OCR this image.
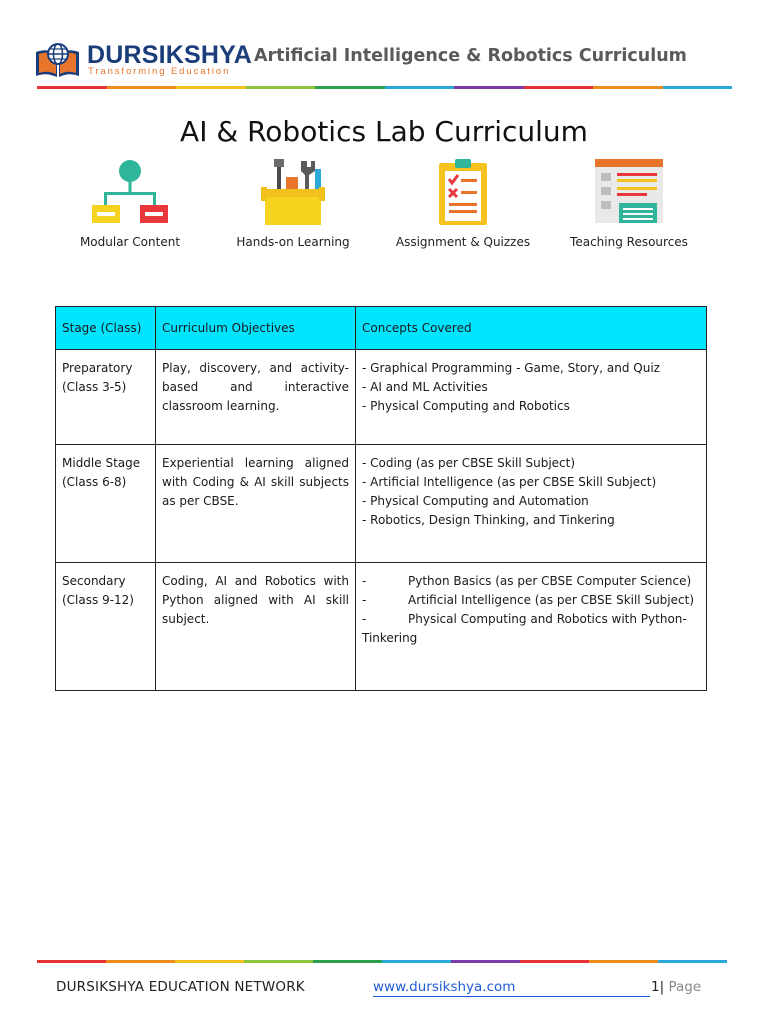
DURSIKSHYA
Transforming Education
Artificial Intelligence & Robotics Curriculum
AI & Robotics Lab Curriculum
Modular Content	Hands-on Learning	Assignment & Quizzes	Teaching Resources
Stage (Class)	Curriculum Objectives	Concepts Covered
Preparatory (Class 3-5)	Play, discovery, and activity-based and interactive classroom learning.	- Graphical Programming - Game, Story, and Quiz
- AI and ML Activities
- Physical Computing and Robotics

Middle Stage (Class 6-8)	Experiential learning aligned with Coding & AI skill subjects as per CBSE.	- Coding (as per CBSE Skill Subject)
- Artificial Intelligence (as per CBSE Skill Subject)
- Physical Computing and Automation
- Robotics, Design Thinking, and Tinkering

Secondary (Class 9-12)	Coding, AI and Robotics with Python aligned with AI skill subject.	- Python Basics (as per CBSE Computer Science)
- Artificial Intelligence (as per CBSE Skill Subject)
- Physical Computing and Robotics with Python- Tinkering
DURSIKSHYA EDUCATION NETWORK	www.dursikshya.com	1| Page
